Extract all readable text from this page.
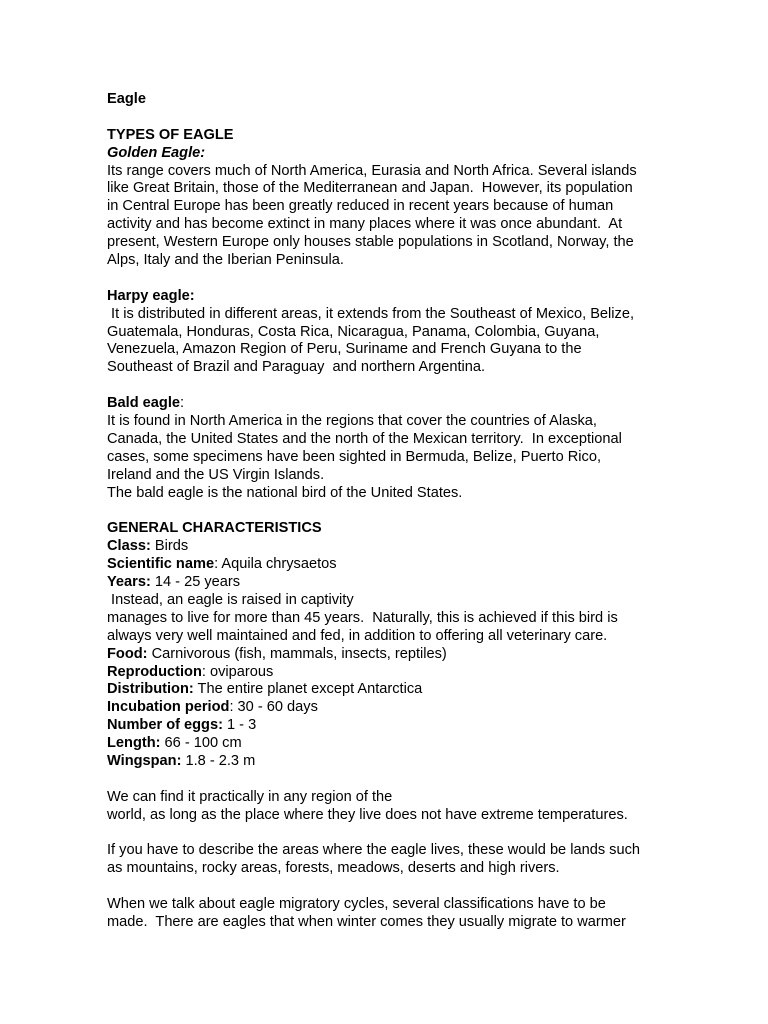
Eagle
TYPES OF EAGLE
Golden Eagle:
Its range covers much of North America, Eurasia and North Africa. Several islands
like Great Britain, those of the Mediterranean and Japan.  However, its population
in Central Europe has been greatly reduced in recent years because of human
activity and has become extinct in many places where it was once abundant.  At
present, Western Europe only houses stable populations in Scotland, Norway, the
Alps, Italy and the Iberian Peninsula.
Harpy eagle:
It is distributed in different areas, it extends from the Southeast of Mexico, Belize,
Guatemala, Honduras, Costa Rica, Nicaragua, Panama, Colombia, Guyana,
Venezuela, Amazon Region of Peru, Suriname and French Guyana to the
Southeast of Brazil and Paraguay  and northern Argentina.
Bald eagle:
It is found in North America in the regions that cover the countries of Alaska,
Canada, the United States and the north of the Mexican territory.  In exceptional
cases, some specimens have been sighted in Bermuda, Belize, Puerto Rico,
Ireland and the US Virgin Islands.
The bald eagle is the national bird of the United States.
GENERAL CHARACTERISTICS
Class: Birds
Scientific name: Aquila chrysaetos
Years: 14 - 25 years
Instead, an eagle is raised in captivity
manages to live for more than 45 years.  Naturally, this is achieved if this bird is
always very well maintained and fed, in addition to offering all veterinary care.
Food: Carnivorous (fish, mammals, insects, reptiles)
Reproduction: oviparous
Distribution: The entire planet except Antarctica
Incubation period: 30 - 60 days
Number of eggs: 1 - 3
Length: 66 - 100 cm
Wingspan: 1.8 - 2.3 m
We can find it practically in any region of the
world, as long as the place where they live does not have extreme temperatures.
If you have to describe the areas where the eagle lives, these would be lands such
as mountains, rocky areas, forests, meadows, deserts and high rivers.
When we talk about eagle migratory cycles, several classifications have to be
made.  There are eagles that when winter comes they usually migrate to warmer
